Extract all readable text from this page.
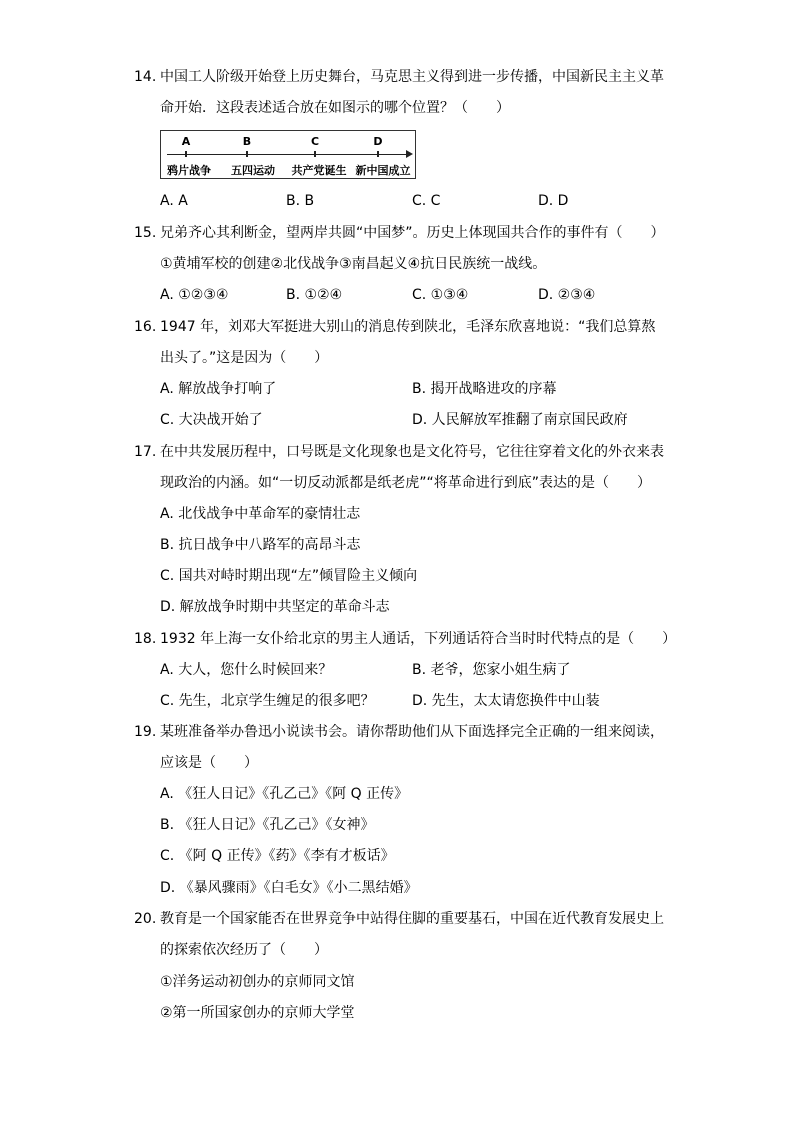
14. 中国工人阶级开始登上历史舞台，马克思主义得到进一步传播，中国新民主主义革
命开始．这段表述适合放在如图示的哪个位置？（　　）
A	B	C	D
鸦片战争 五四运动 共产党诞生 新中国成立
A. A	B. B	C. C	D. D
15. 兄弟齐心其利断金，望两岸共圆“中国梦”。历史上体现国共合作的事件有（　　）
①黄埔军校的创建②北伐战争③南昌起义④抗日民族统一战线。
A. ①②③④	B. ①②④	C. ①③④	D. ②③④
16. 1947 年，刘邓大军挺进大别山的消息传到陕北，毛泽东欣喜地说：“我们总算熬
出头了。”这是因为（　　）
A. 解放战争打响了	B. 揭开战略进攻的序幕
C. 大决战开始了	D. 人民解放军推翻了南京国民政府
17. 在中共发展历程中，口号既是文化现象也是文化符号，它往往穿着文化的外衣来表
现政治的内涵。如“一切反动派都是纸老虎”“将革命进行到底”表达的是（　　）
A. 北伐战争中革命军的豪情壮志
B. 抗日战争中八路军的高昂斗志
C. 国共对峙时期出现“左”倾冒险主义倾向
D. 解放战争时期中共坚定的革命斗志
18. 1932 年上海一女仆给北京的男主人通话，下列通话符合当时时代特点的是（　　）
A. 大人，您什么时候回来？	B. 老爷，您家小姐生病了
C. 先生，北京学生缠足的很多吧？	D. 先生，太太请您换件中山装
19. 某班准备举办鲁迅小说读书会。请你帮助他们从下面选择完全正确的一组来阅读，
应该是（　　）
A. 《狂人日记》《孔乙己》《阿 Q 正传》
B. 《狂人日记》《孔乙己》《女神》
C. 《阿 Q 正传》《药》《李有才板话》
D. 《暴风骤雨》《白毛女》《小二黑结婚》
20. 教育是一个国家能否在世界竞争中站得住脚的重要基石，中国在近代教育发展史上
的探索依次经历了（　　）
①洋务运动初创办的京师同文馆
②第一所国家创办的京师大学堂
